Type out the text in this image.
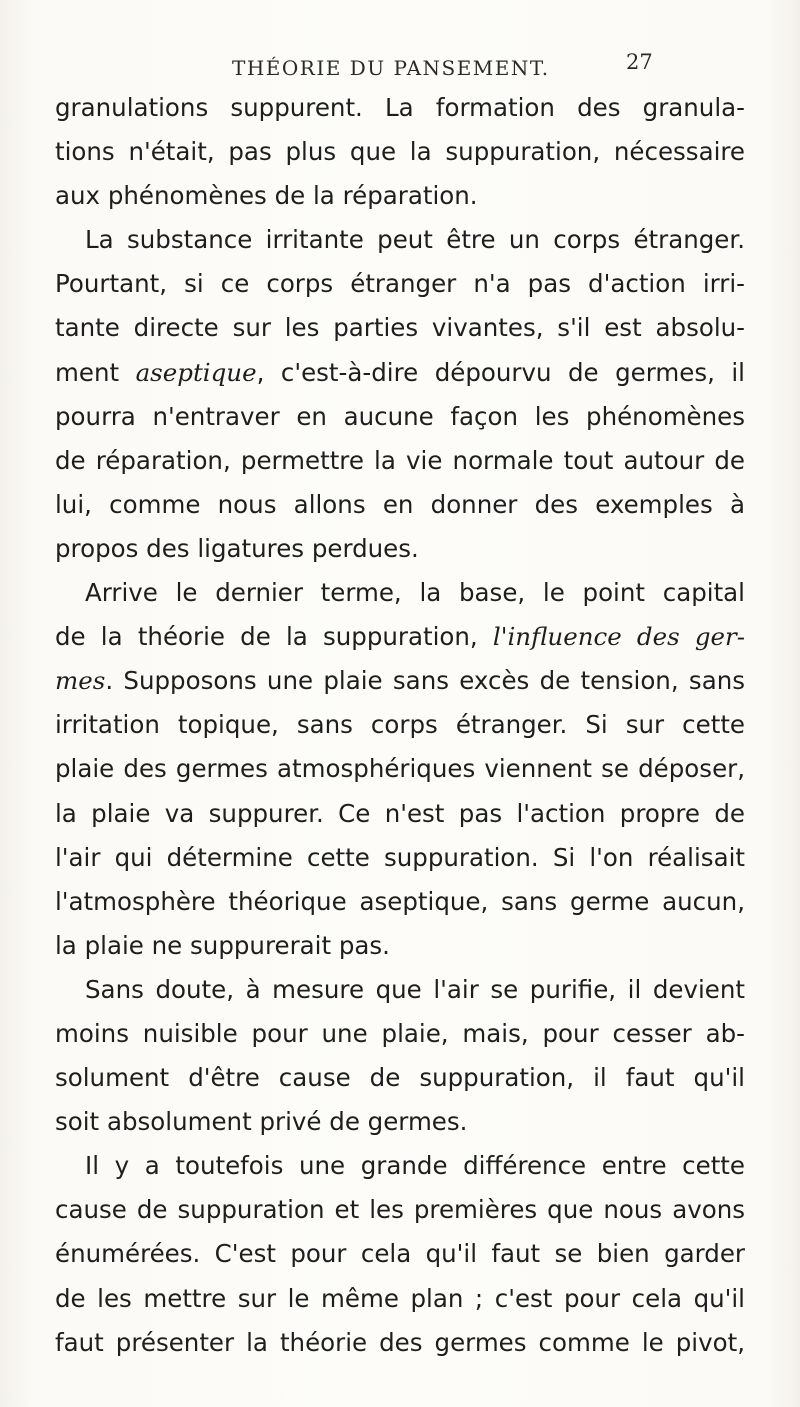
THÉORIE DU PANSEMENT.	27
granulations suppurent. La formation des granula-
tions n'était, pas plus que la suppuration, nécessaire
aux phénomènes de la réparation.
La substance irritante peut être un corps étranger.
Pourtant, si ce corps étranger n'a pas d'action irri-
tante directe sur les parties vivantes, s'il est absolu-
ment aseptique, c'est-à-dire dépourvu de germes, il
pourra n'entraver en aucune façon les phénomènes
de réparation, permettre la vie normale tout autour de
lui, comme nous allons en donner des exemples à
propos des ligatures perdues.
Arrive le dernier terme, la base, le point capital
de la théorie de la suppuration, l'influence des ger-
mes. Supposons une plaie sans excès de tension, sans
irritation topique, sans corps étranger. Si sur cette
plaie des germes atmosphériques viennent se déposer,
la plaie va suppurer. Ce n'est pas l'action propre de
l'air qui détermine cette suppuration. Si l'on réalisait
l'atmosphère théorique aseptique, sans germe aucun,
la plaie ne suppurerait pas.
Sans doute, à mesure que l'air se purifie, il devient
moins nuisible pour une plaie, mais, pour cesser ab-
solument d'être cause de suppuration, il faut qu'il
soit absolument privé de germes.
Il y a toutefois une grande différence entre cette
cause de suppuration et les premières que nous avons
énumérées. C'est pour cela qu'il faut se bien garder
de les mettre sur le même plan ; c'est pour cela qu'il
faut présenter la théorie des germes comme le pivot,
